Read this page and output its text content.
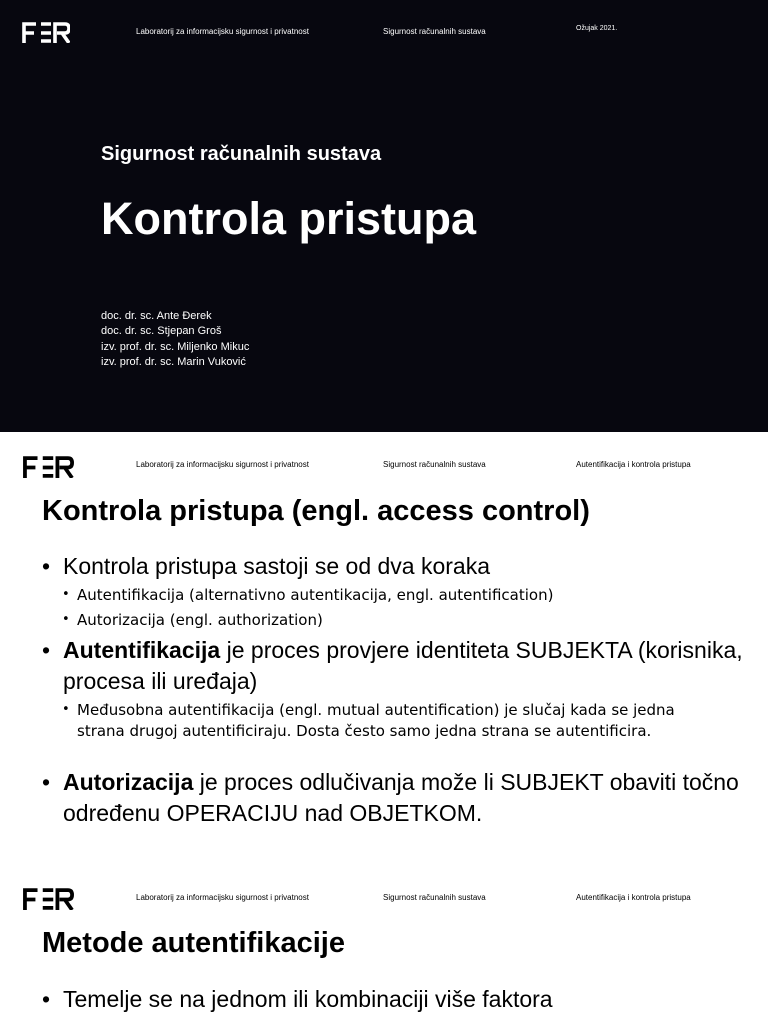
Laboratorij za informacijsku sigurnost i privatnost	Sigurnost računalnih sustava	Ožujak 2021.
Sigurnost računalnih sustava
Kontrola pristupa
doc. dr. sc. Ante Đerek
doc. dr. sc. Stjepan Groš
izv. prof. dr. sc. Miljenko Mikuc
izv. prof. dr. sc. Marin Vuković
Laboratorij za informacijsku sigurnost i privatnost	Sigurnost računalnih sustava	Autentifikacija i kontrola pristupa
Kontrola pristupa (engl. access control)
• Kontrola pristupa sastoji se od dva koraka
• Autentifikacija (alternativno autentikacija, engl. autentification)
• Autorizacija (engl. authorization)
• Autentifikacija je proces provjere identiteta SUBJEKTA (korisnika, procesa ili uređaja)
• Međusobna autentifikacija (engl. mutual autentification) je slučaj kada se jedna strana drugoj autentificiraju. Dosta često samo jedna strana se autentificira.
• Autorizacija je proces odlučivanja može li SUBJEKT obaviti točno određenu OPERACIJU nad OBJETKOM.
Laboratorij za informacijsku sigurnost i privatnost	Sigurnost računalnih sustava	Autentifikacija i kontrola pristupa
Metode autentifikacije
• Temelje se na jednom ili kombinaciji više faktora
